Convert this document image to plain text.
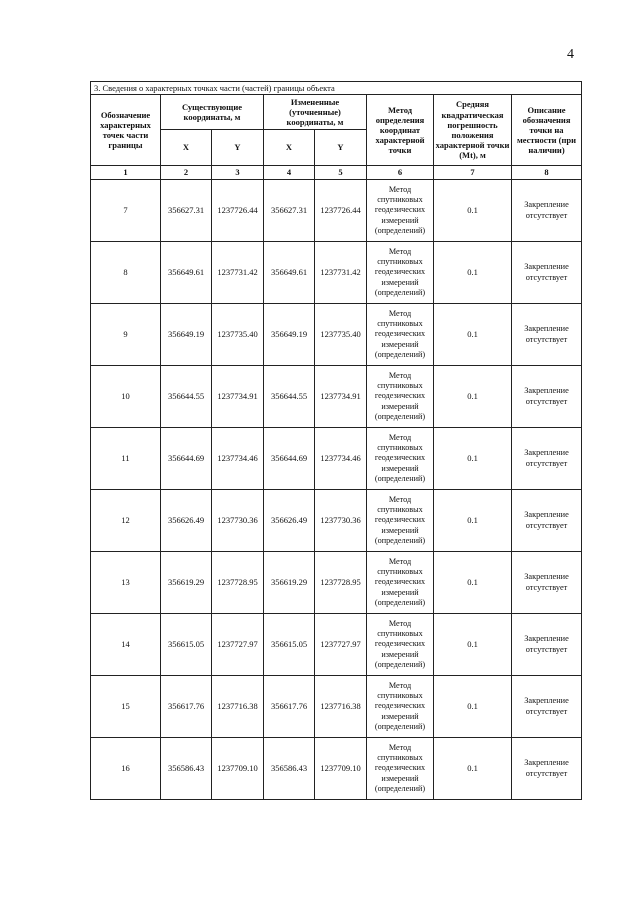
4
3. Сведения о характерных точках части (частей) границы объекта							
Обозначение характерных точек части границы	Существующие координаты, м		Измененные (уточненные) координаты, м		Метод определения координат характерной точки	Средняя квадратическая погрешность положения характерной точки (Mt), м	Описание обозначения точки на местности (при наличии)
	X	Y	X	Y			
1	2	3	4	5	6	7	8
7	356627.31	1237726.44	356627.31	1237726.44	Метод спутниковых геодезических измерений (определений)	0.1	Закрепление отсутствует
8	356649.61	1237731.42	356649.61	1237731.42	Метод спутниковых геодезических измерений (определений)	0.1	Закрепление отсутствует
9	356649.19	1237735.40	356649.19	1237735.40	Метод спутниковых геодезических измерений (определений)	0.1	Закрепление отсутствует
10	356644.55	1237734.91	356644.55	1237734.91	Метод спутниковых геодезических измерений (определений)	0.1	Закрепление отсутствует
11	356644.69	1237734.46	356644.69	1237734.46	Метод спутниковых геодезических измерений (определений)	0.1	Закрепление отсутствует
12	356626.49	1237730.36	356626.49	1237730.36	Метод спутниковых геодезических измерений (определений)	0.1	Закрепление отсутствует
13	356619.29	1237728.95	356619.29	1237728.95	Метод спутниковых геодезических измерений (определений)	0.1	Закрепление отсутствует
14	356615.05	1237727.97	356615.05	1237727.97	Метод спутниковых геодезических измерений (определений)	0.1	Закрепление отсутствует
15	356617.76	1237716.38	356617.76	1237716.38	Метод спутниковых геодезических измерений (определений)	0.1	Закрепление отсутствует
16	356586.43	1237709.10	356586.43	1237709.10	Метод спутниковых геодезических измерений (определений)	0.1	Закрепление отсутствует
